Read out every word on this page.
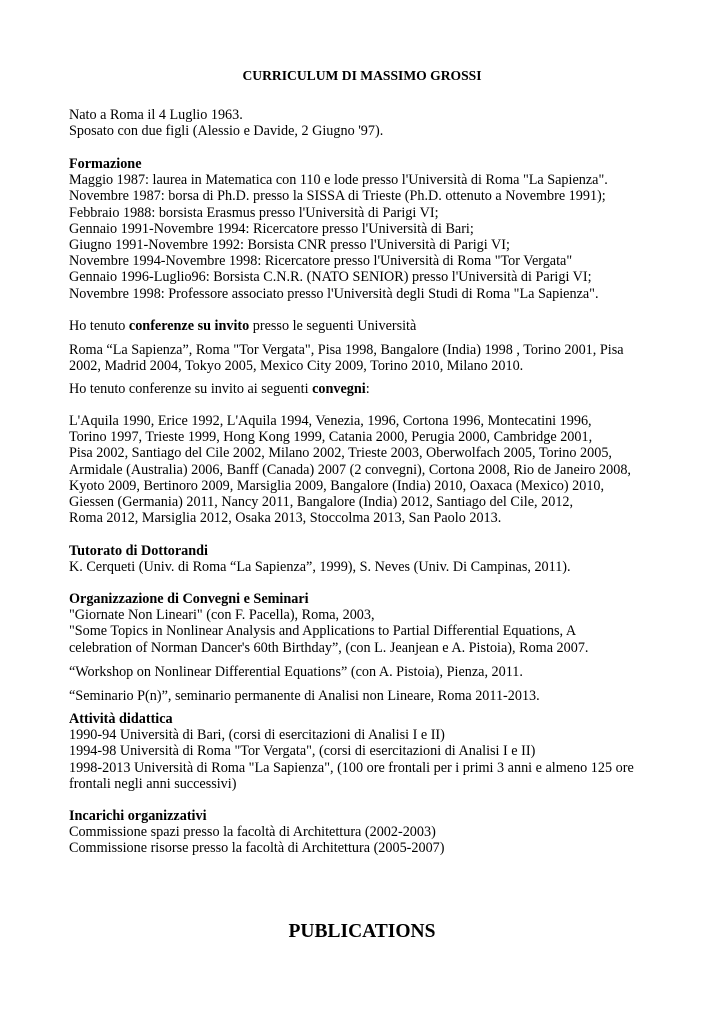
CURRICULUM DI MASSIMO GROSSI
Nato a Roma il 4 Luglio 1963.
Sposato con due figli (Alessio e Davide, 2 Giugno '97).
Formazione
Maggio 1987: laurea in Matematica con 110 e lode presso l'Università di Roma "La Sapienza".
Novembre 1987: borsa di Ph.D. presso la SISSA di Trieste (Ph.D. ottenuto a Novembre 1991);
Febbraio 1988: borsista Erasmus presso l'Università di Parigi VI;
Gennaio 1991-Novembre 1994: Ricercatore presso l'Università di Bari;
Giugno 1991-Novembre 1992: Borsista CNR presso l'Università di Parigi VI;
Novembre 1994-Novembre 1998: Ricercatore presso l'Università di Roma "Tor Vergata"
Gennaio 1996-Luglio96: Borsista C.N.R. (NATO SENIOR) presso l'Università di Parigi VI;
Novembre 1998: Professore associato presso l'Università degli Studi di Roma "La Sapienza".
Ho tenuto conferenze su invito presso le seguenti Università
Roma “La Sapienza”, Roma "Tor Vergata", Pisa 1998, Bangalore (India) 1998 , Torino 2001, Pisa
2002, Madrid 2004, Tokyo 2005, Mexico City 2009, Torino 2010, Milano 2010.
Ho tenuto conferenze su invito ai seguenti convegni:
L'Aquila 1990, Erice 1992, L'Aquila 1994, Venezia, 1996, Cortona 1996, Montecatini 1996,
Torino 1997, Trieste 1999, Hong Kong 1999, Catania 2000, Perugia 2000, Cambridge 2001,
Pisa 2002, Santiago del Cile 2002, Milano 2002, Trieste 2003, Oberwolfach 2005, Torino 2005,
Armidale (Australia) 2006, Banff (Canada) 2007 (2 convegni), Cortona 2008, Rio de Janeiro 2008,
Kyoto 2009, Bertinoro 2009, Marsiglia 2009, Bangalore (India) 2010, Oaxaca (Mexico) 2010,
Giessen (Germania) 2011, Nancy 2011, Bangalore (India) 2012, Santiago del Cile, 2012,
Roma 2012, Marsiglia 2012, Osaka 2013, Stoccolma 2013, San Paolo 2013.
Tutorato di Dottorandi
K. Cerqueti (Univ. di Roma “La Sapienza”, 1999), S. Neves (Univ. Di Campinas, 2011).
Organizzazione di Convegni e Seminari
"Giornate Non Lineari" (con F. Pacella), Roma, 2003,
"Some Topics in Nonlinear Analysis and Applications to Partial Differential Equations, A
celebration of Norman Dancer's 60th Birthday”, (con L. Jeanjean e A. Pistoia), Roma 2007.
“Workshop on Nonlinear Differential Equations” (con A. Pistoia), Pienza, 2011.
“Seminario P(n)”, seminario permanente di Analisi non Lineare, Roma 2011-2013.
Attività didattica
1990-94 Università di Bari, (corsi di esercitazioni di Analisi I e II)
1994-98 Università di Roma "Tor Vergata", (corsi di esercitazioni di Analisi I e II)
1998-2013 Università di Roma "La Sapienza", (100 ore frontali per i primi 3 anni e almeno 125 ore
frontali negli anni successivi)
Incarichi organizzativi
Commissione spazi presso la facoltà di Architettura (2002-2003)
Commissione risorse presso la facoltà di Architettura (2005-2007)
PUBLICATIONS
